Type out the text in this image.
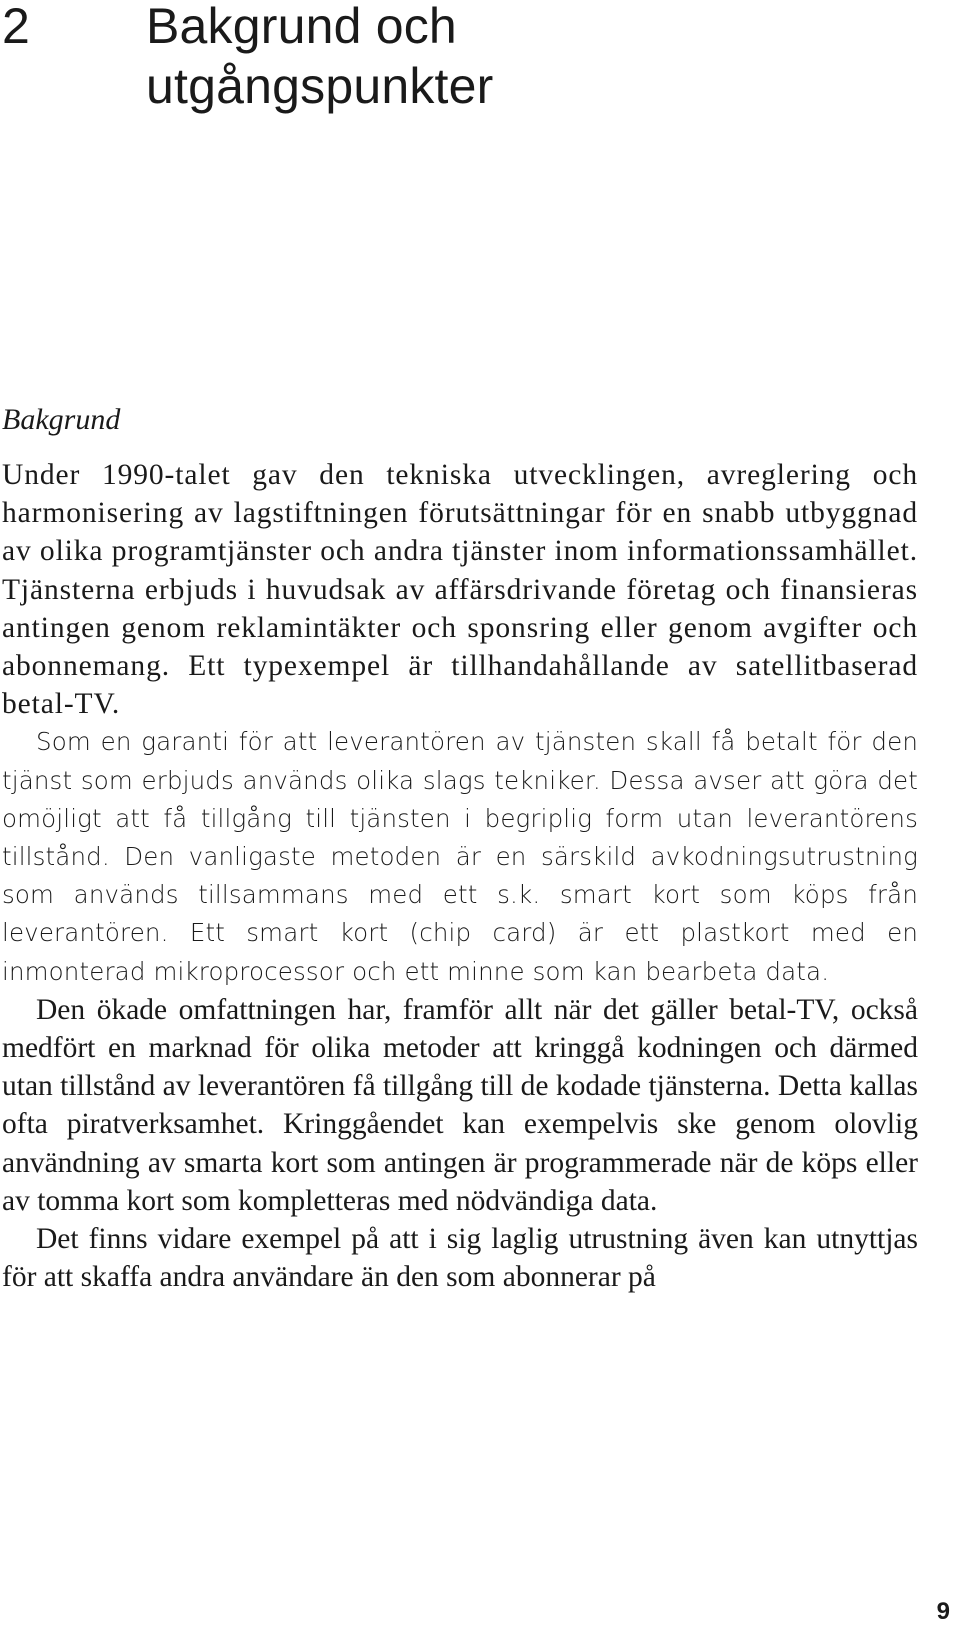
2 Bakgrund och
utgångspunkter
Bakgrund

Under 1990-talet gav den tekniska utvecklingen, avreglering och harmonisering av lagstiftningen förutsättningar för en snabb utbyggnad av olika programtjänster och andra tjänster inom informationssamhället. Tjänsterna erbjuds i huvudsak av affärsdrivande företag och finansieras antingen genom reklamintäkter och sponsring eller genom avgifter och abonnemang. Ett typexempel är tillhandahållande av satellitbaserad betal-TV.

Som en garanti för att leverantören av tjänsten skall få betalt för den tjänst som erbjuds används olika slags tekniker. Dessa avser att göra det omöjligt att få tillgång till tjänsten i begriplig form utan leverantörens tillstånd. Den vanligaste metoden är en särskild avkodningsutrustning som används tillsammans med ett s.k. smart kort som köps från leverantören. Ett smart kort (chip card) är ett plastkort med en inmonterad mikroprocessor och ett minne som kan bearbeta data.

Den ökade omfattningen har, framför allt när det gäller betal-TV, också medfört en marknad för olika metoder att kringgå kodningen och därmed utan tillstånd av leverantören få tillgång till de kodade tjänsterna. Detta kallas ofta piratverksamhet. Kringgåendet kan exempelvis ske genom olovlig användning av smarta kort som antingen är programmerade när de köps eller av tomma kort som kompletteras med nödvändiga data.

Det finns vidare exempel på att i sig laglig utrustning även kan utnyttjas för att skaffa andra användare än den som abonnerar på

9
